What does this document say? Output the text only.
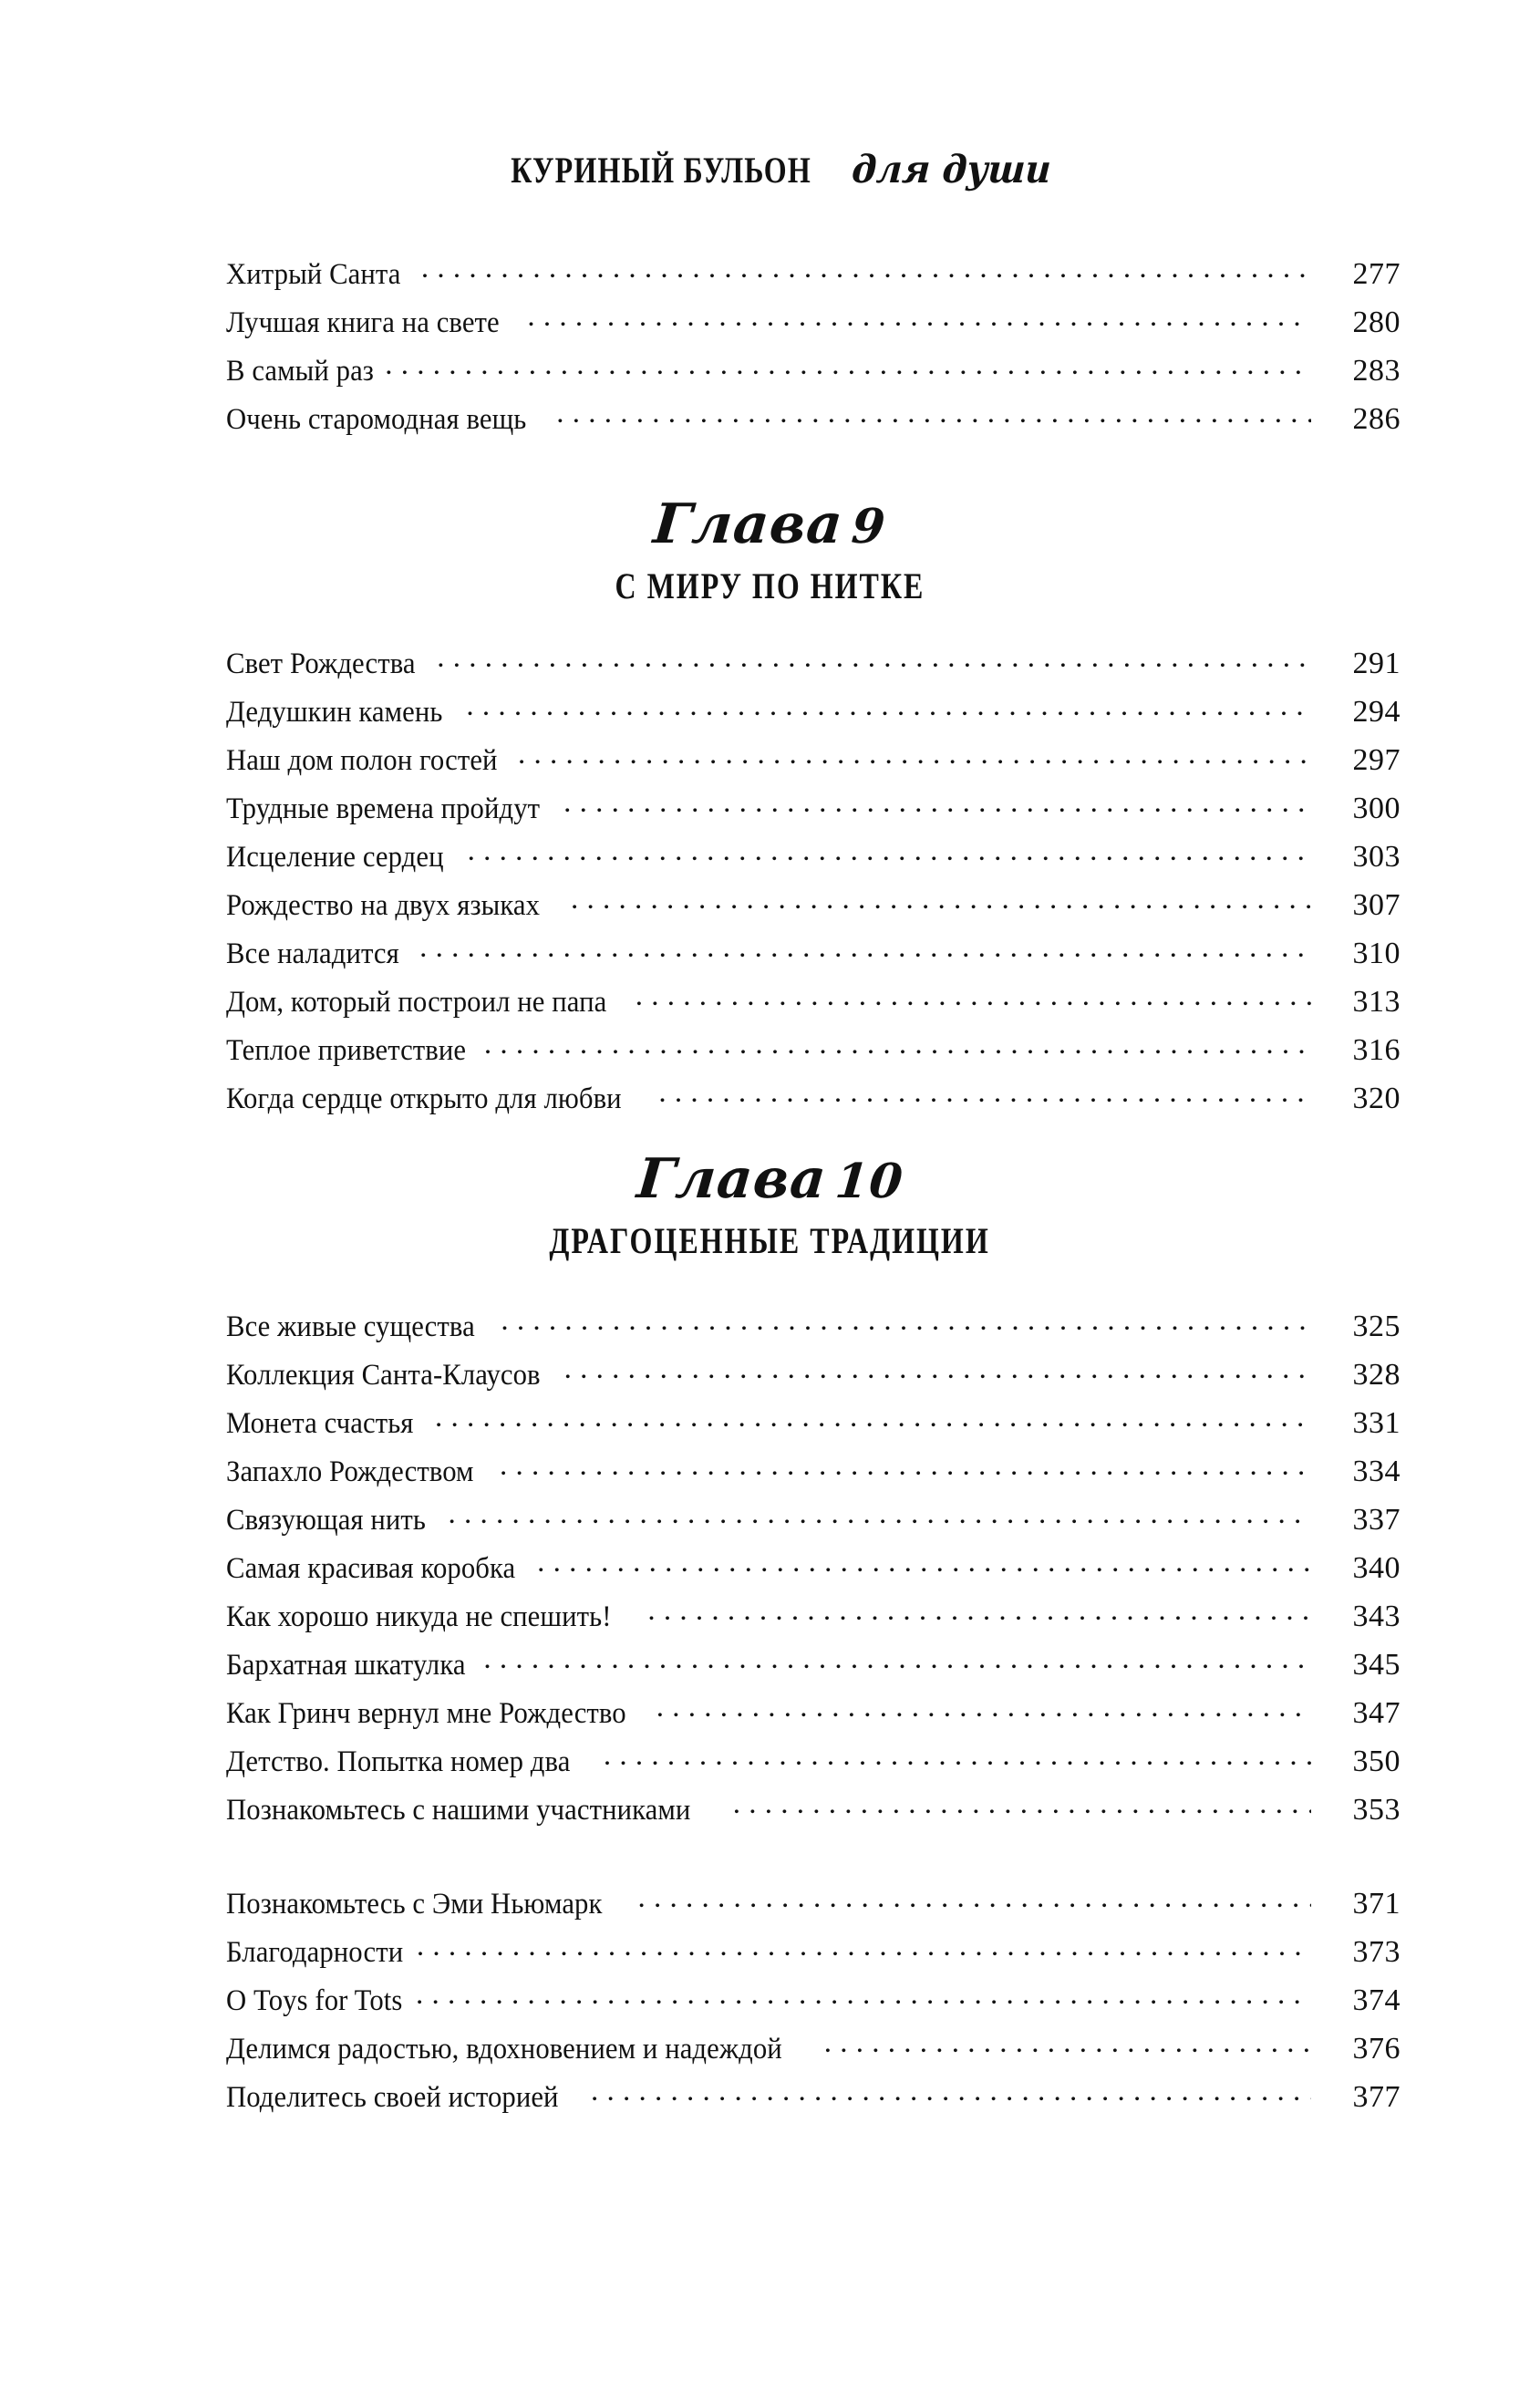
КУРИНЫЙ БУЛЬОН для души
Хитрый Санта . . .	277
Лучшая книга на свете . . .	280
В самый раз . . .	283
Очень старомодная вещь . . .	286
Глава9
С МИРУ ПО НИТКЕ
Свет Рождества . . .	291
Дедушкин камень . . .	294
Наш дом полон гостей . . .	297
Трудные времена пройдут . . .	300
Исцеление сердец . . .	303
Рождество на двух языках . . .	307
Все наладится . . .	310
Дом, который построил не папа . . .	313
Теплое приветствие . . .	316
Когда сердце открыто для любви . . .	320
Глава10
ДРАГОЦЕННЫЕ ТРАДИЦИИ
Все живые существа . . .	325
Коллекция Санта-Клаусов . . .	328
Монета счастья . . .	331
Запахло Рождеством . . .	334
Связующая нить . . .	337
Самая красивая коробка . . .	340
Как хорошо никуда не спешить! . . .	343
Бархатная шкатулка . . .	345
Как Гринч вернул мне Рождество . . .	347
Детство. Попытка номер два . . .	350
Познакомьтесь с нашими участниками . . .	353
Познакомьтесь с Эми Ньюмарк . . .	371
Благодарности . . .	373
О Toys for Tots . . .	374
Делимся радостью, вдохновением и надеждой . . .	376
Поделитесь своей историей . . .	377
